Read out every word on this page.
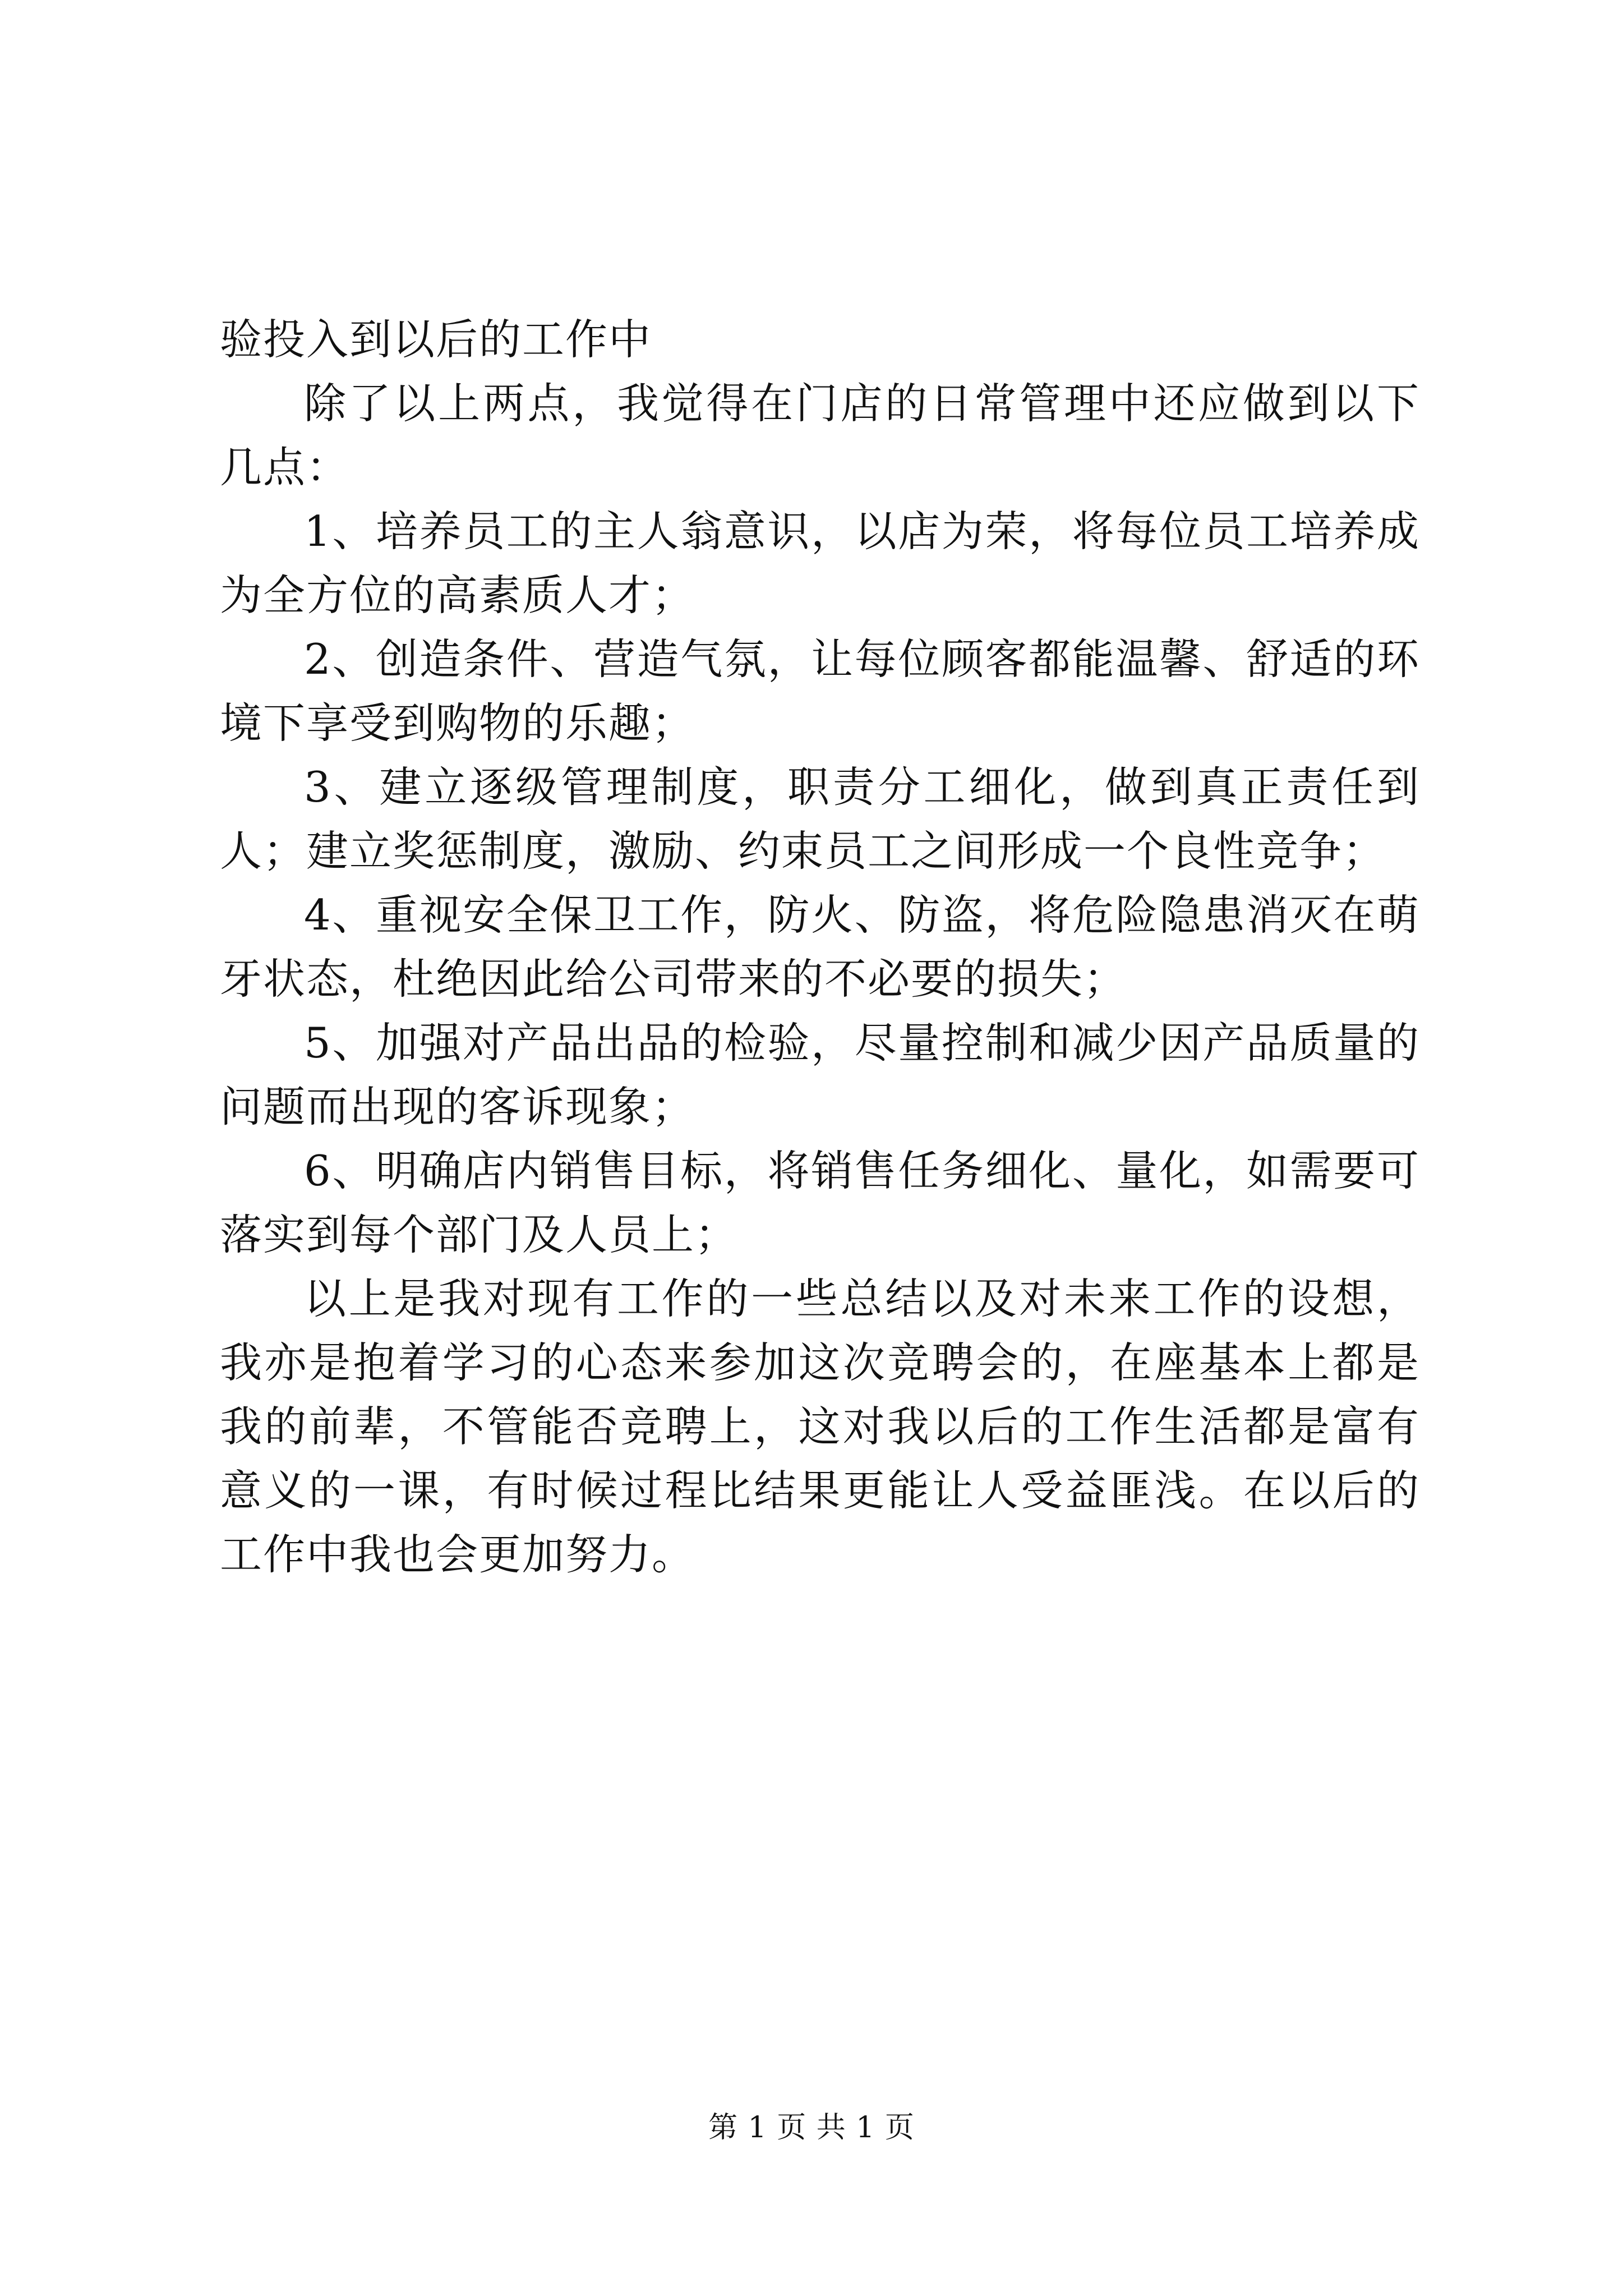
验投入到以后的工作中

除了以上两点，我觉得在门店的日常管理中还应做到以下几点：

1、培养员工的主人翁意识，以店为荣，将每位员工培养成为全方位的高素质人才；

2、创造条件、营造气氛，让每位顾客都能温馨、舒适的环境下享受到购物的乐趣；

3、建立逐级管理制度，职责分工细化，做到真正责任到人；建立奖惩制度，激励、约束员工之间形成一个良性竞争；

4、重视安全保卫工作，防火、防盗，将危险隐患消灭在萌牙状态，杜绝因此给公司带来的不必要的损失；

5、加强对产品出品的检验，尽量控制和减少因产品质量的问题而出现的客诉现象；

6、明确店内销售目标，将销售任务细化、量化，如需要可落实到每个部门及人员上；

以上是我对现有工作的一些总结以及对未来工作的设想，我亦是抱着学习的心态来参加这次竞聘会的，在座基本上都是我的前辈，不管能否竞聘上，这对我以后的工作生活都是富有意义的一课，有时候过程比结果更能让人受益匪浅。在以后的工作中我也会更加努力。

第 1 页 共 1 页
